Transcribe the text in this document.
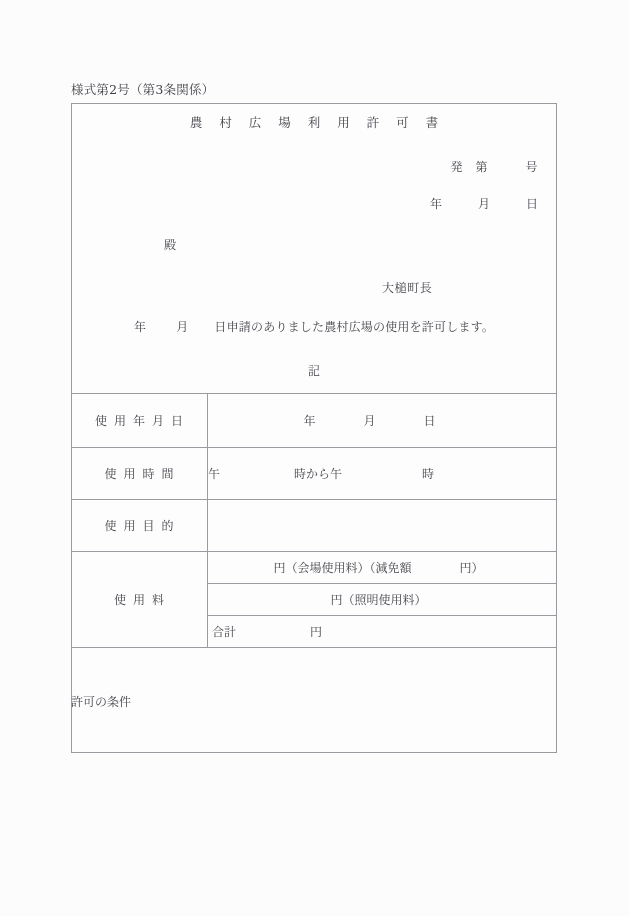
様式第2号（第3条関係）
農 村 広 場 利 用 許 可 書
発　第　　　号
年　　　月　　　日
殿
大槌町長
年	月 日申請のありました農村広場の使用を許可します。
記
使用年月日	年　　　　月　　　　日

使用時間	午 時から午 時
使用目的	
使用料	円（会場使用料）（減免額　　　　円）

	円（照明使用料）

	合計 円
許可の条件	
